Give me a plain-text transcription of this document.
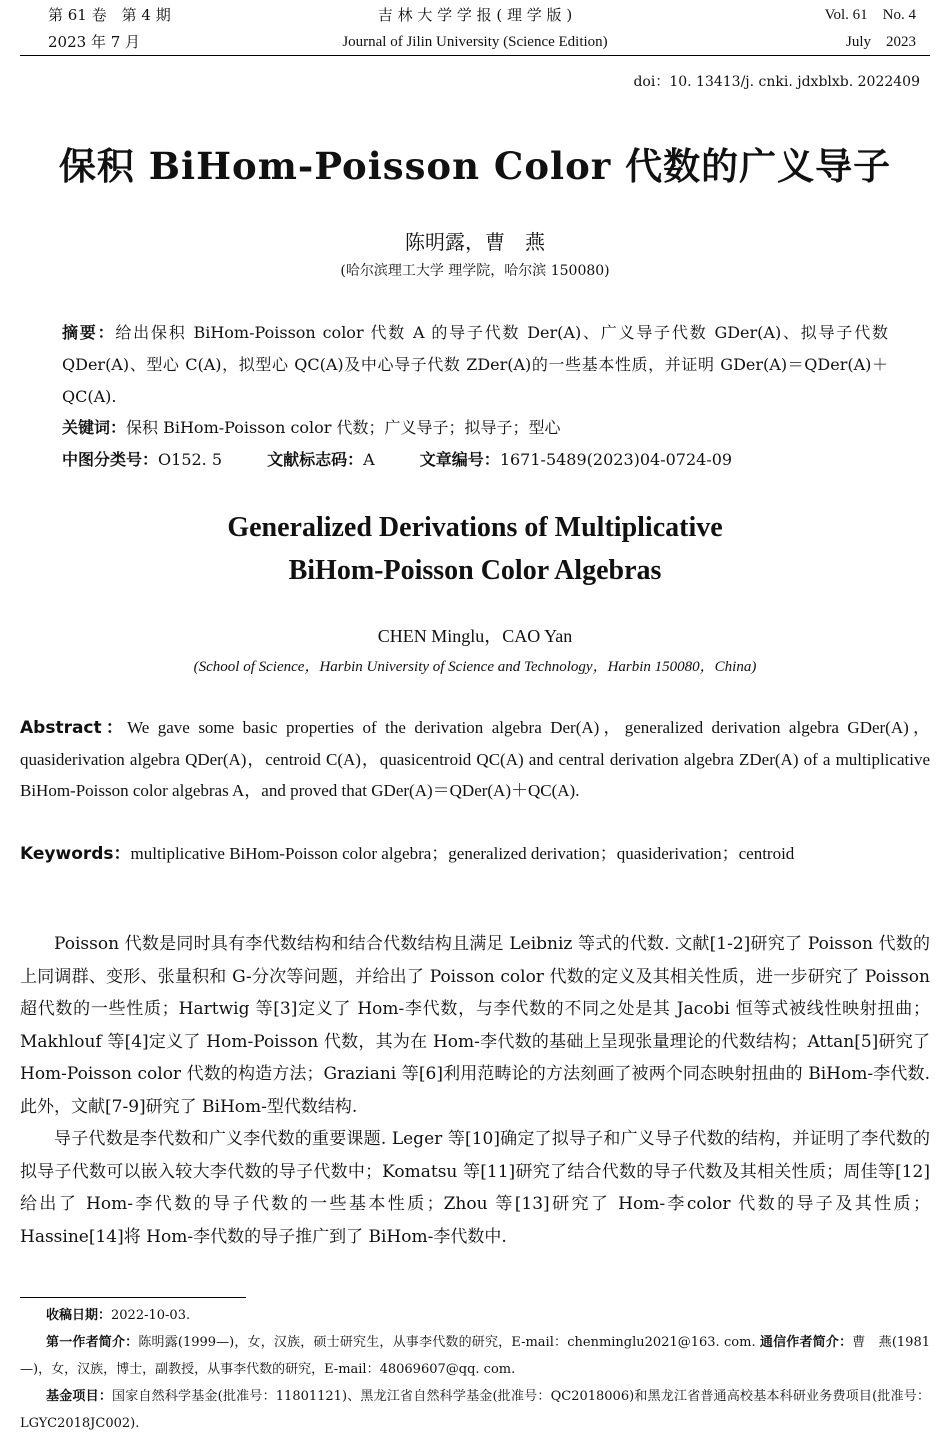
第 61 卷　第 4 期
2023 年 7 月
吉 林 大 学 学 报 ( 理 学 版 )
Journal of Jilin University (Science Edition)
Vol. 61　No. 4
July　2023
doi：10. 13413/j. cnki. jdxblxb. 2022409
保积 BiHom-Poisson Color 代数的广义导子
陈明露，曹　燕
(哈尔滨理工大学 理学院，哈尔滨 150080)
摘要：给出保积 BiHom-Poisson color 代数 A 的导子代数 Der(A)、广义导子代数 GDer(A)、拟导子代数 QDer(A)、型心 C(A)，拟型心 QC(A)及中心导子代数 ZDer(A)的一些基本性质，并证明 GDer(A)＝QDer(A)＋QC(A).
关键词：保积 BiHom-Poisson color 代数；广义导子；拟导子；型心
中图分类号：O152. 5	文献标志码：A	文章编号：1671-5489(2023)04-0724-09
Generalized Derivations of Multiplicative
BiHom-Poisson Color Algebras
CHEN Minglu，CAO Yan
(School of Science，Harbin University of Science and Technology，Harbin 150080，China)
Abstract：We gave some basic properties of the derivation algebra Der(A)，generalized derivation algebra GDer(A)，quasiderivation algebra QDer(A)，centroid C(A)，quasicentroid QC(A) and central derivation algebra ZDer(A) of a multiplicative BiHom-Poisson color algebras A，and proved that GDer(A)＝QDer(A)＋QC(A).
Keywords：multiplicative BiHom-Poisson color algebra；generalized derivation；quasiderivation；centroid

Poisson 代数是同时具有李代数结构和结合代数结构且满足 Leibniz 等式的代数. 文献[1-2]研究了 Poisson 代数的上同调群、变形、张量积和 G-分次等问题，并给出了 Poisson color 代数的定义及其相关性质，进一步研究了 Poisson 超代数的一些性质；Hartwig 等[3]定义了 Hom-李代数，与李代数的不同之处是其 Jacobi 恒等式被线性映射扭曲；Makhlouf 等[4]定义了 Hom-Poisson 代数，其为在 Hom-李代数的基础上呈现张量理论的代数结构；Attan[5]研究了 Hom-Poisson color 代数的构造方法；Graziani 等[6]利用范畴论的方法刻画了被两个同态映射扭曲的 BiHom-李代数. 此外，文献[7-9]研究了 BiHom-型代数结构.

导子代数是李代数和广义李代数的重要课题. Leger 等[10]确定了拟导子和广义导子代数的结构，并证明了李代数的拟导子代数可以嵌入较大李代数的导子代数中；Komatsu 等[11]研究了结合代数的导子代数及其相关性质；周佳等[12]给出了 Hom-李代数的导子代数的一些基本性质；Zhou 等[13]研究了 Hom-李color 代数的导子及其性质；Hassine[14]将 Hom-李代数的导子推广到了 BiHom-李代数中.

收稿日期：2022-10-03.

第一作者简介：陈明露(1999—)，女，汉族，硕士研究生，从事李代数的研究，E-mail：chenminglu2021@163. com. 通信作者简介：曹　燕(1981—)，女，汉族，博士，副教授，从事李代数的研究，E-mail：48069607@qq. com.

基金项目：国家自然科学基金(批准号：11801121)、黑龙江省自然科学基金(批准号：QC2018006)和黑龙江省普通高校基本科研业务费项目(批准号：LGYC2018JC002).
